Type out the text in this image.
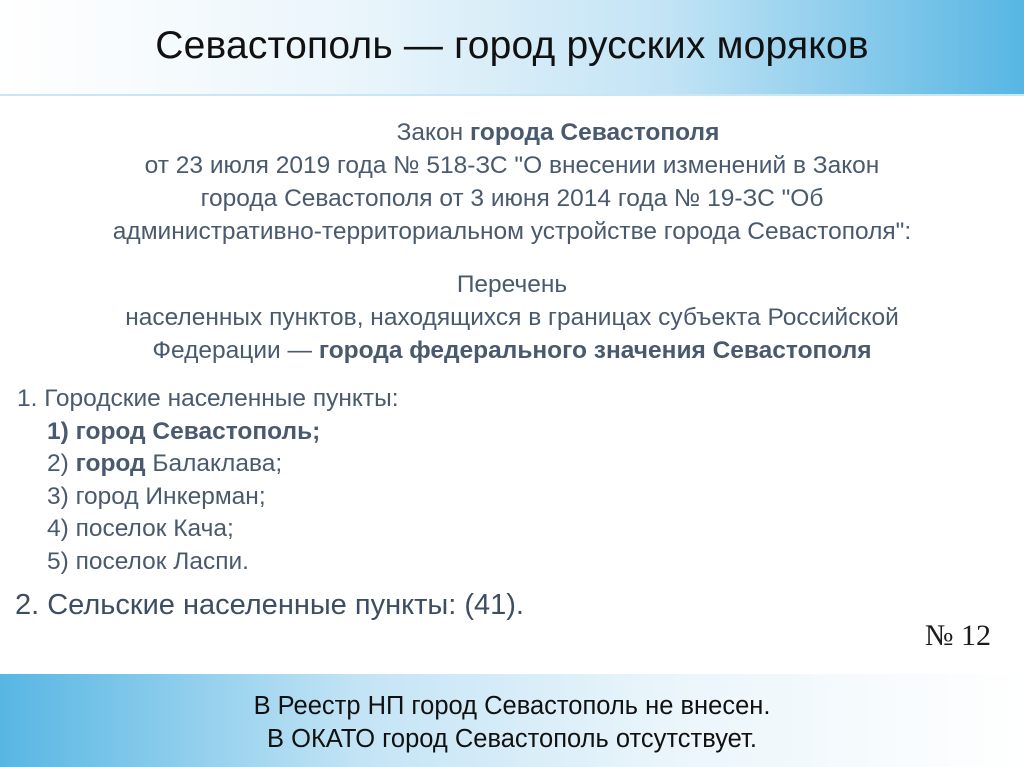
Севастополь — город русских моряков
Закон города Севастополя
от 23 июля 2019 года № 518-ЗС "О внесении изменений в Закон
города Севастополя от 3 июня 2014 года № 19-ЗС "Об
административно-территориальном устройстве города Севастополя":
Перечень
населенных пунктов, находящихся в границах субъекта Российской
Федерации — города федерального значения Севастополя
1. Городские населенные пункты:
1) город Севастополь;
2) город Балаклава;
3) город Инкерман;
4) поселок Кача;
5) поселок Ласпи.
2. Сельские населенные пункты: (41).
№ 12
В Реестр НП город Севастополь не внесен.
В ОКАТО город Севастополь отсутствует.
